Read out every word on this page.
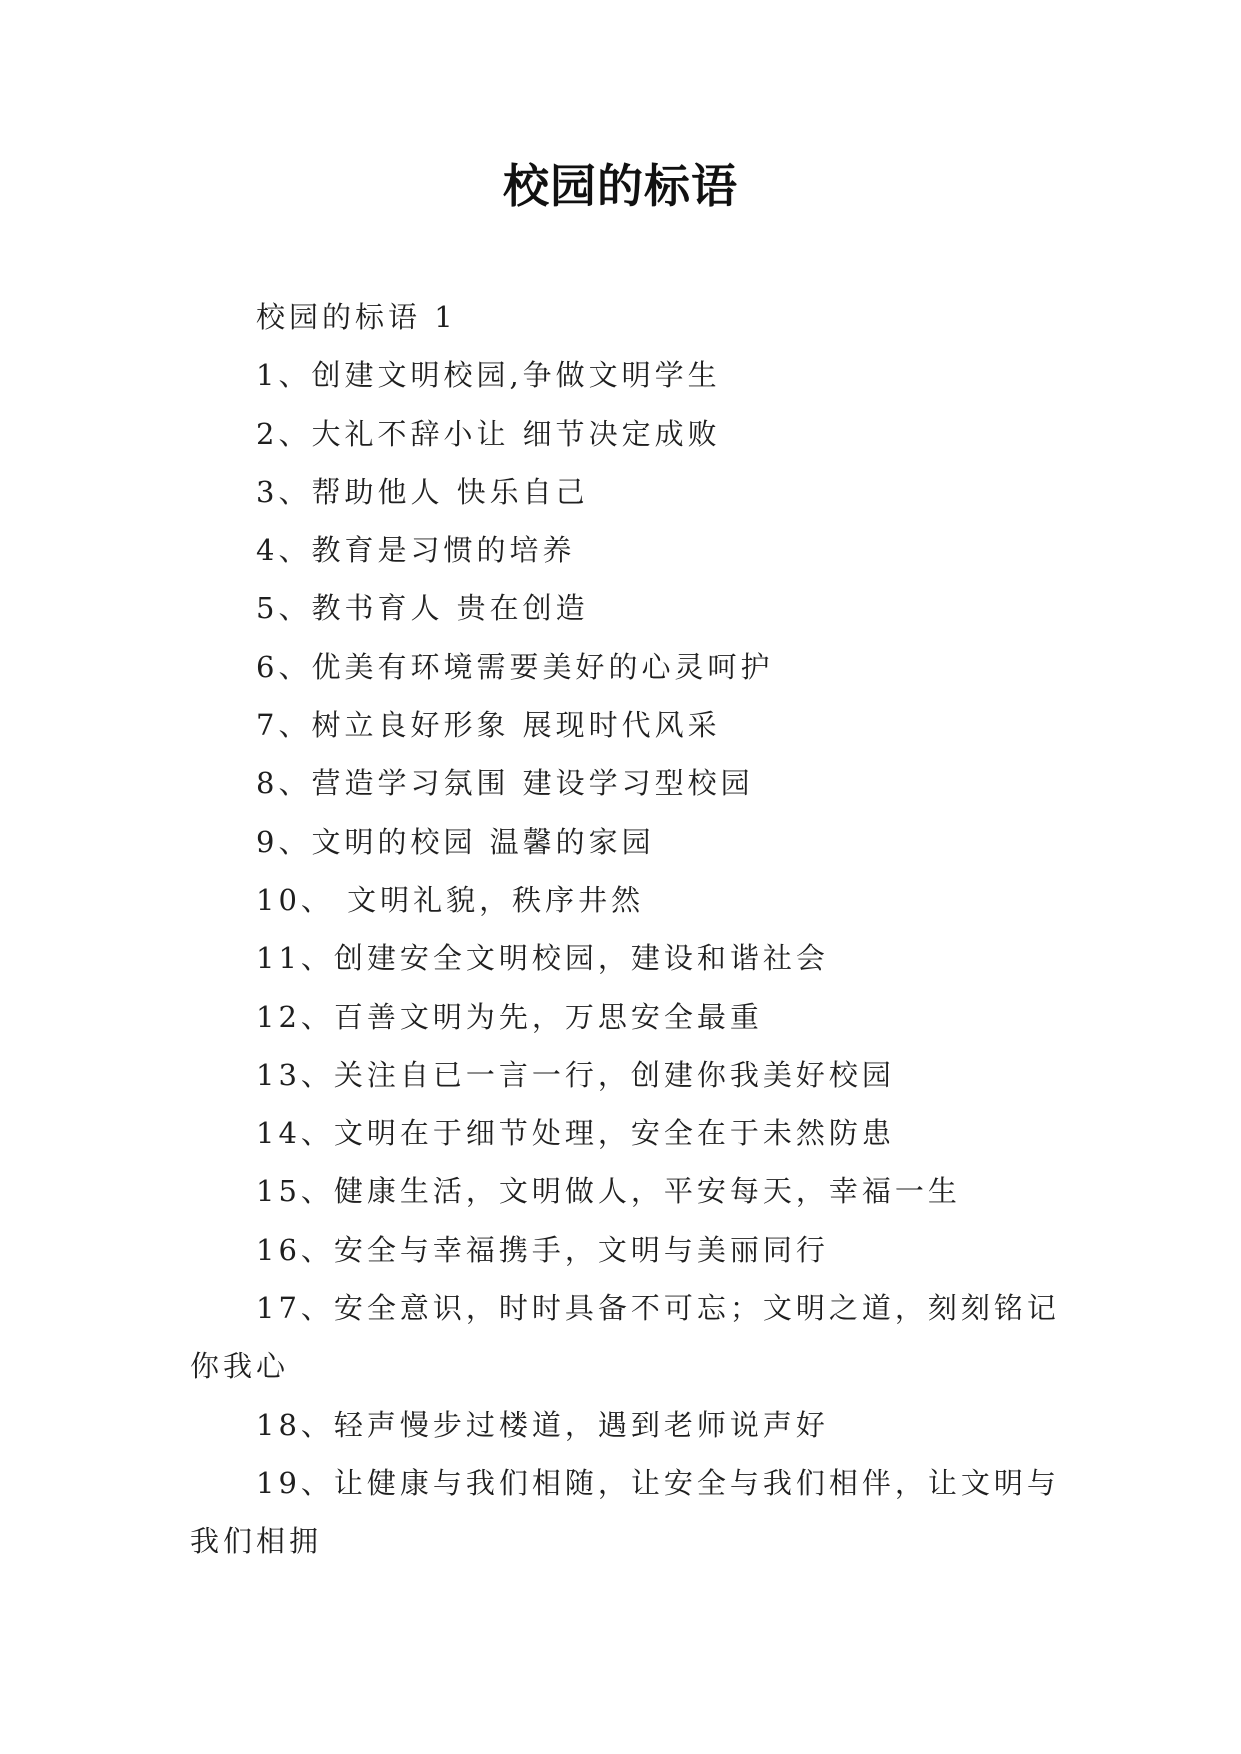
校园的标语

校园的标语 1

1、创建文明校园,争做文明学生

2、大礼不辞小让 细节决定成败

3、帮助他人 快乐自己

4、教育是习惯的培养

5、教书育人 贵在创造

6、优美有环境需要美好的心灵呵护

7、树立良好形象 展现时代风采

8、营造学习氛围 建设学习型校园

9、文明的校园 温馨的家园

10、 文明礼貌，秩序井然

11、创建安全文明校园，建设和谐社会

12、百善文明为先，万思安全最重

13、关注自已一言一行，创建你我美好校园

14、文明在于细节处理，安全在于未然防患

15、健康生活，文明做人，平安每天，幸福一生

16、安全与幸福携手，文明与美丽同行

17、安全意识，时时具备不可忘；文明之道，刻刻铭记你我心

18、轻声慢步过楼道，遇到老师说声好

19、让健康与我们相随，让安全与我们相伴，让文明与我们相拥
